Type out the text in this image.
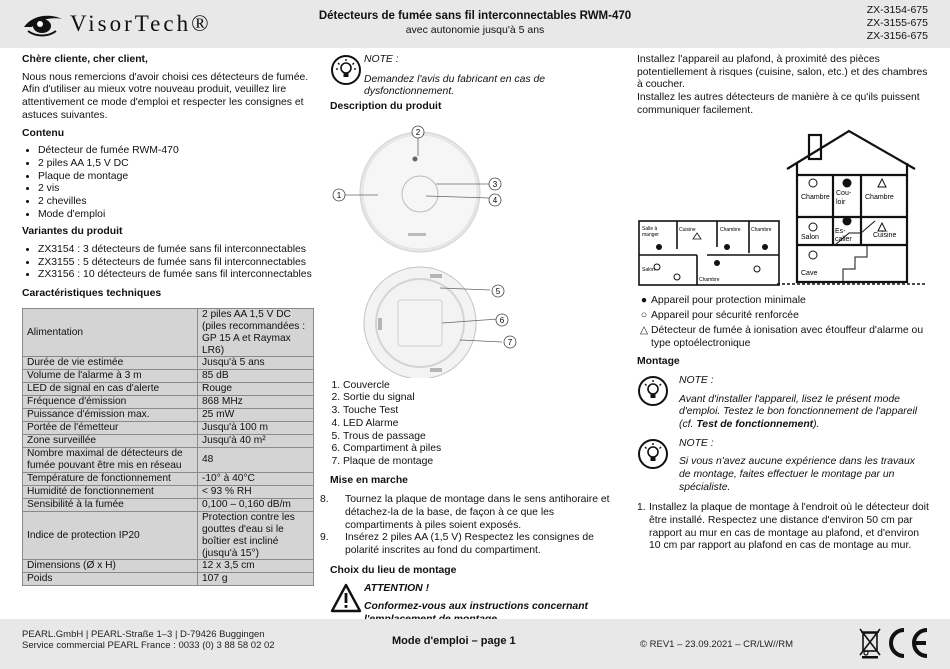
VisorTech®	Détecteurs de fumée sans fil interconnectables RWM-470
avec autonomie jusqu'à 5 ans
ZX-3154-675
ZX-3155-675
ZX-3156-675
Chère cliente, cher client,

Nous nous remercions d'avoir choisi ces détecteurs de fumée. Afin d'utiliser au mieux votre nouveau produit, veuillez lire attentivement ce mode d'emploi et respecter les consignes et astuces suivantes.

Contenu
• Détecteur de fumée RWM-470
• 2 piles AA 1,5 V DC
• Plaque de montage
• 2 vis
• 2 chevilles
• Mode d'emploi
Variantes du produit
• ZX3154 : 3 détecteurs de fumée sans fil interconnectables
• ZX3155 : 5 détecteurs de fumée sans fil interconnectables
• ZX3156 : 10 détecteurs de fumée sans fil interconnectables
Caractéristiques techniques
Alimentation	2 piles AA 1,5 V DC (piles recommandées : GP 15 A et Raymax LR6)
Durée de vie estimée	Jusqu'à 5 ans
Volume de l'alarme à 3 m	85 dB
LED de signal en cas d'alerte	Rouge
Fréquence d'émission	868 MHz
Puissance d'émission max.	25 mW
Portée de l'émetteur	Jusqu'à 100 m
Zone surveillée	Jusqu'à 40 m²
Nombre maximal de détecteurs de fumée pouvant être mis en réseau	48
Température de fonctionnement	-10° à 40°C
Humidité de fonctionnement	< 93 % RH
Sensibilité à la fumée	0,100 – 0,160 dB/m
Indice de protection IP20	Protection contre les gouttes d'eau si le boîtier est incliné (jusqu'à 15°)
Dimensions (Ø x H)	12 x 3,5 cm
Poids	107 g
NOTE :
Demandez l'avis du fabricant en cas de dysfonctionnement.
Description du produit
1
2
3
4
5
6
7
1. Couvercle
2. Sortie du signal
3. Touche Test
4. LED Alarme
5. Trous de passage
6. Compartiment à piles
7. Plaque de montage
Mise en marche
8.	Tournez la plaque de montage dans le sens antihoraire et détachez-la de la base, de façon à ce que les compartiments à piles soient exposés.
9.	Insérez 2 piles AA (1,5 V) Respectez les consignes de polarité inscrites au fond du compartiment.
Choix du lieu de montage
ATTENTION !
Conformez-vous aux instructions concernant

Installez l'appareil au plafond, à proximité des pièces potentiellement à risques (cuisine, salon, etc.) et des chambres à coucher.

Installez les autres détecteurs de manière à ce qu'ils puissent communiquer facilement.

Salle à
manger
Cuisine	Chambre Chambre
Salon
Chambre
Chambre
Cou-
loir
Chambre
Salon
Es-
calier
Cuisine
Cave
● Appareil pour protection minimale
○ Appareil pour sécurité renforcée
△ Détecteur de fumée à ionisation avec étouffeur d'alarme ou type optoélectronique
Montage
NOTE :
Avant d'installer l'appareil, lisez le présent mode d'emploi. Testez le bon fonctionnement de l'appareil (cf. Test de fonctionnement).
NOTE :
Si vous n'avez aucune expérience dans les travaux de montage, faites effectuer le montage par un spécialiste.
1. Installez la plaque de montage à l'endroit où le détecteur doit être installé. Respectez une distance d'environ 50 cm par rapport au mur en cas de montage au plafond, et d'environ 10 cm par rapport au plafond en cas de montage au mur.
PEARL.GmbH | PEARL-Straße 1–3 | D-79426 Buggingen
Service commercial PEARL France : 0033 (0) 3 88 58 02 02	Mode d'emploi – page 1	© REV1 – 23.09.2021 – CR/LW//RM
